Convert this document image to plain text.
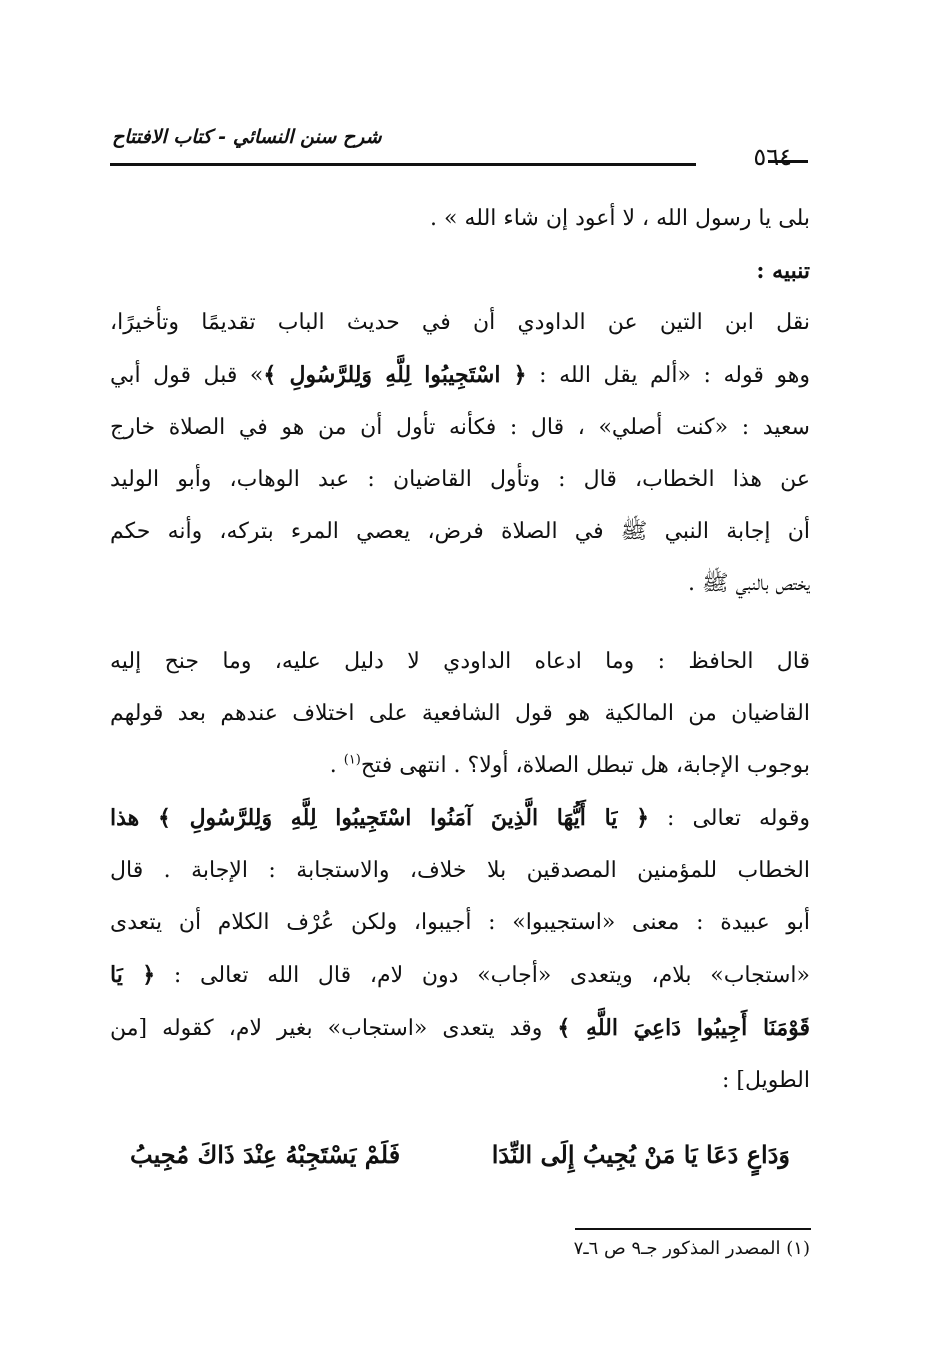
شرح سنن النسائي - كتاب الافتتاح
٥٦٤
بلى يا رسول الله ، لا أعود إن شاء الله » .
تنبيه :
نقل ابن التين عن الداودي أن في حديث الباب تقديمًا وتأخيرًا،
وهو قوله : «ألم يقل الله : ﴿ اسْتَجِيبُوا لِلَّهِ وَلِلرَّسُولِ ﴾» قبل قول أبي
سعيد : «كنت أصلي» ، قال : فكأنه تأول أن من هو في الصلاة خارج
عن هذا الخطاب، قال : وتأول القاضيان : عبد الوهاب، وأبو الوليد
أن إجابة النبي ﷺ في الصلاة فرض، يعصي المرء بتركه، وأنه حكم
يختص بالنبي ﷺ .
قال الحافظ : وما ادعاه الداودي لا دليل عليه، وما جنح إليه
القاضيان من المالكية هو قول الشافعية على اختلاف عندهم بعد قولهم
بوجوب الإجابة، هل تبطل الصلاة، أولا؟ . انتهى فتح$^{(١)}$ .
وقوله تعالى : ﴿ يَا أَيُّهَا الَّذِينَ آمَنُوا اسْتَجِيبُوا لِلَّهِ وَلِلرَّسُولِ ﴾ هذا
الخطاب للمؤمنين المصدقين بلا خلاف، والاستجابة : الإجابة . قال
أبو عبيدة : معنى «استجيبوا» : أجيبوا، ولكن عُرْف الكلام أن يتعدى
«استجاب» بلام، ويتعدى «أجاب» دون لام، قال الله تعالى : ﴿ يَا
قَوْمَنَا أَجِيبُوا دَاعِيَ اللَّهِ ﴾ وقد يتعدى «استجاب» بغير لام، كقوله [من
الطويل] :
وَدَاعٍ دَعَا يَا مَنْ يُجِيبُ إِلَى النِّدَا
فَلَمْ يَسْتَجِبْهُ عِنْدَ ذَاكَ مُجِيبُ
(١) المصدر المذكور جـ٩ ص ٦ـ٧
